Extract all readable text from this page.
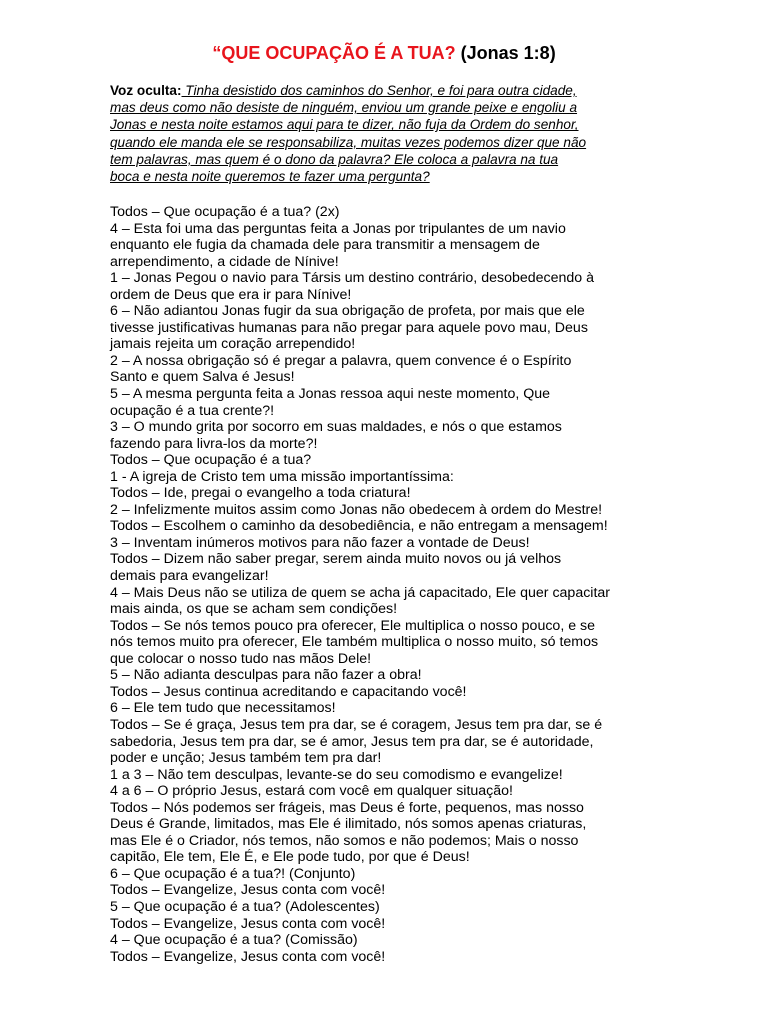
“QUE OCUPAÇÃO É A TUA? (Jonas 1:8)
Voz oculta: Tinha desistido dos caminhos do Senhor, e foi para outra cidade,
mas deus como não desiste de ninguém, enviou um grande peixe e engoliu a
Jonas e nesta noite estamos aqui para te dizer, não fuja da Ordem do senhor,
quando ele manda ele se responsabiliza, muitas vezes podemos dizer que não
tem palavras, mas quem é o dono da palavra? Ele coloca a palavra na tua
boca e nesta noite queremos te fazer uma pergunta?
Todos – Que ocupação é a tua? (2x)
4 – Esta foi uma das perguntas feita a Jonas por tripulantes de um navio
enquanto ele fugia da chamada dele para transmitir a mensagem de
arrependimento, a cidade de Nínive!
1 – Jonas Pegou o navio para Társis um destino contrário, desobedecendo à
ordem de Deus que era ir para Nínive!
6 – Não adiantou Jonas fugir da sua obrigação de profeta, por mais que ele
tivesse justificativas humanas para não pregar para aquele povo mau, Deus
jamais rejeita um coração arrependido!
2 – A nossa obrigação só é pregar a palavra, quem convence é o Espírito
Santo e quem Salva é Jesus!
5 – A mesma pergunta feita a Jonas ressoa aqui neste momento, Que
ocupação é a tua crente?!
3 – O mundo grita por socorro em suas maldades, e nós o que estamos
fazendo para livra-los da morte?!
Todos – Que ocupação é a tua?
1 - A igreja de Cristo tem uma missão importantíssima:
Todos – Ide, pregai o evangelho a toda criatura!
2 – Infelizmente muitos assim como Jonas não obedecem à ordem do Mestre!
Todos – Escolhem o caminho da desobediência, e não entregam a mensagem!
3 – Inventam inúmeros motivos para não fazer a vontade de Deus!
Todos – Dizem não saber pregar, serem ainda muito novos ou já velhos
demais para evangelizar!
4 – Mais Deus não se utiliza de quem se acha já capacitado, Ele quer capacitar
mais ainda, os que se acham sem condições!
Todos – Se nós temos pouco pra oferecer, Ele multiplica o nosso pouco, e se
nós temos muito pra oferecer, Ele também multiplica o nosso muito, só temos
que colocar o nosso tudo nas mãos Dele!
5 – Não adianta desculpas para não fazer a obra!
Todos – Jesus continua acreditando e capacitando você!
6 – Ele tem tudo que necessitamos!
Todos – Se é graça, Jesus tem pra dar, se é coragem, Jesus tem pra dar, se é
sabedoria, Jesus tem pra dar, se é amor, Jesus tem pra dar, se é autoridade,
poder e unção; Jesus também tem pra dar!
1 a 3 – Não tem desculpas, levante-se do seu comodismo e evangelize!
4 a 6 – O próprio Jesus, estará com você em qualquer situação!
Todos – Nós podemos ser frágeis, mas Deus é forte, pequenos, mas nosso
Deus é Grande, limitados, mas Ele é ilimitado, nós somos apenas criaturas,
mas Ele é o Criador, nós temos, não somos e não podemos; Mais o nosso
capitão, Ele tem, Ele É, e Ele pode tudo, por que é Deus!
6 – Que ocupação é a tua?! (Conjunto)
Todos – Evangelize, Jesus conta com você!
5 – Que ocupação é a tua? (Adolescentes)
Todos – Evangelize, Jesus conta com você!
4 – Que ocupação é a tua? (Comissão)
Todos – Evangelize, Jesus conta com você!
